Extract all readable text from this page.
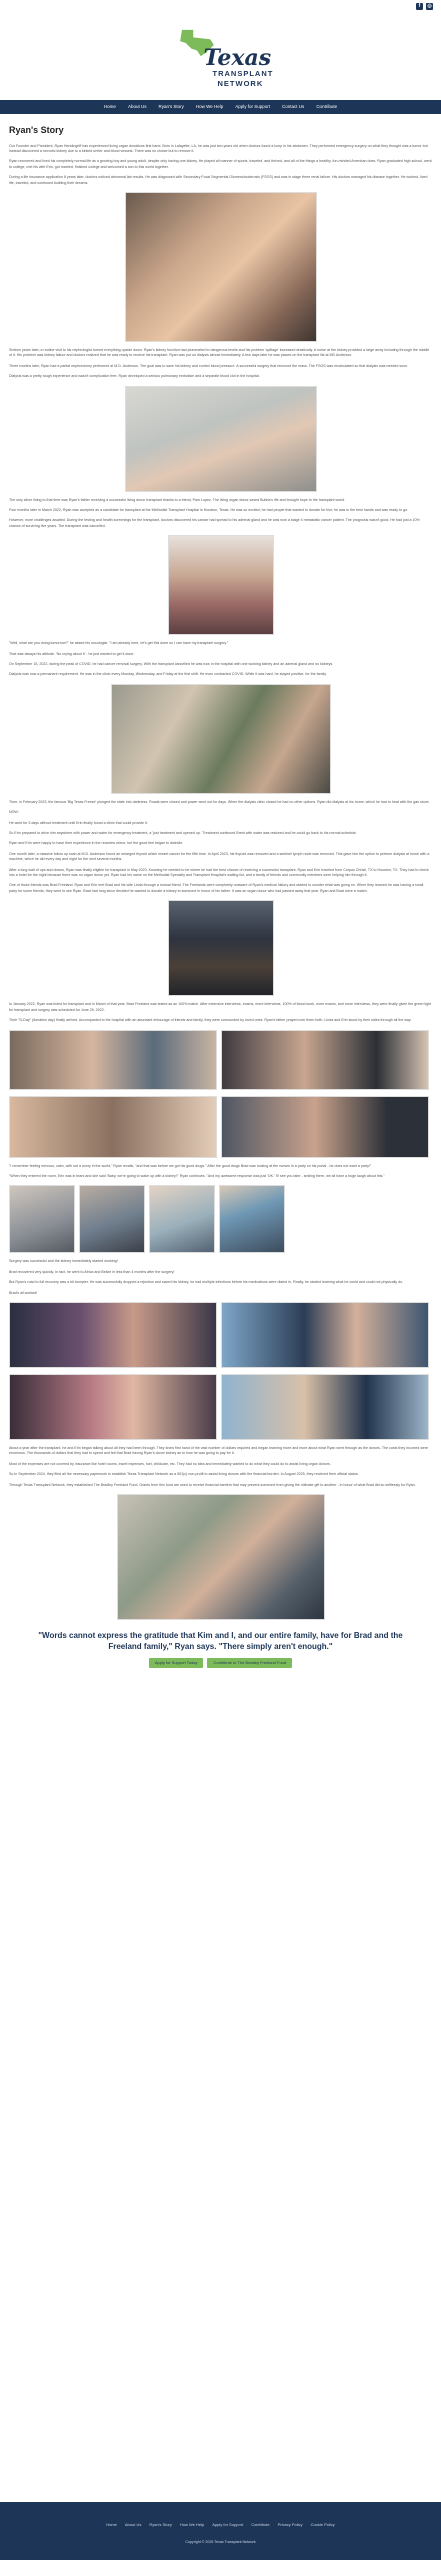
f	◎
Texas
TRANSPLANT
NETWORK
Home	About Us	Ryan's Story	How We Help	Apply for Support	Contact Us	Contribute
Ryan's Story

Our Founder and President, Ryan Hendingriff has experienced living organ donations first hand. Born in Lafayette, LA, he was just two years old when doctors found a lump in his abdomen. They performed emergency surgery on what they thought was a tumor but instead discovered a necrotic kidney due to a kinked ureter and blood vessels. There was no choice but to remove it.

Ryan recovered and lived his completely normal life as a growing boy and young adult, despite only having one kidney. He played all manner of sports, traveled, and thrived, and all of the things a healthy, fun-minded American does. Ryan graduated high school, went to college, met his wife Erin, got married, finished college and welcomed a son to this world together.

During a life insurance application 8 years later, doctors noticed abnormal lab results. He was diagnosed with Secondary Focal Segmental Glomerulosclerosis (FSGS) and was in stage three renal failure. His doctors managed his disease together. He worked, lived life, traveled, and continued building their dreams.

Sixteen years later, a routine visit to his nephrologist turned everything upside down. Ryan's kidney function had plummeted to dangerous levels and his problem 'spillage' increased drastically. A nurse at the kidney provided a large array including through the middle of it. His problem was kidney failure and doctors realized that he was ready to receive his transplant. Ryan was put on dialysis almost immediately. A few days later he was placed on the transplant list at MD Anderson.

Three months later, Ryan had a partial nephrectomy performed at M.D. Anderson. The goal was to save his kidney and control blood pressure. A successful surgery that removed the mass. The FSGS was recalculated so that dialysis was needed soon.

Dialysis was a pretty tough experience and wasn't complication free. Ryan developed a serious pulmonary embolism and a separate blood clot in the hospital.

The only silver lining to that time was Ryan's father receiving a successful living donor transplant thanks to a friend, Pam Lopez. The living organ donor saved Bubba's life and brought hope to the transplant world.

Four months later in March 2022, Ryan was accepted as a candidate for transplant at the Methodist Transplant Hospital in Houston, Texas. He was so excited; he had people that wanted to donate for him; he was in the best hands and was ready to go.

However, more challenges awaited. During the testing and health screenings for the transplant, doctors discovered his cancer had spread to his adrenal gland and he was now a stage 4 metastatic cancer patient. The prognosis wasn't good. He had just a 10% chance of surviving five years. The transplant was cancelled.

"Well, what are you doing tomorrow?" he asked his oncologist. "I am already here, let's get this done so I can have my transplant surgery."

That was always his attitude. 'No crying about it' - he just wanted to get it done.

On September 15, 2022, during the peak of COVID, he had cancer removal surgery. With the transplant cancelled he was now in the hospital with one working kidney and an adrenal gland and no kidneys.

Dialysis was now a permanent requirement. He was in the clinic every Monday, Wednesday, and Friday at the first shift. He even contracted COVID. While it was hard, he stayed positive, for the family.

Then, in February 2023, the famous 'Big Texas Freeze' plunged the state into darkness. Roads were closed and power went out for days. When the dialysis clinic closed he had no other options. Ryan did dialysis at his home, which he had to heat with the gas stove.

NOW:

He went for 3 days without treatment until Erin finally found a clinic that could provide it.

So Erin prepared to drive him anywhere with power and water for emergency treatment, a 'just treatment and opened up.' Treatment continued Brent with water was restored and he could go back to his normal schedule.

Ryan and Erin were happy to have their experience in the rearview mirror, but the good feel began to dwindle.

One month later, a massive follow up scan at M.D. Anderson found an enlarged thyroid which meant cancer for the fifth time. In April 2023, his thyroid was removed and a sentinel lymph node was removed. This gave him the option to perform dialysis at home with a machine, which he did every day and night for the next several months.

After a long wait of ups and downs, Ryan was finally eligible for transplant in May 2023. Knowing he needed to be where he had the best chance of receiving a successful transplant, Ryan and Erin traveled from Corpus Christi, TX to Houston, TX. They had to check into a hotel for the night because there was no organ donor yet. Ryan had his name on the Methodist Specialty and Transplant Hospital's waiting list, and a family of friends and community members were helping him through it.

One of those friends was Brad Freeland. Ryan and Erin met Brad and his wife Linda through a mutual friend. The Freelands were completely unaware of Ryan's medical history and started to wonder what was going on. When they learned he was having a small party for some friends, they went to see Ryan. Brad had long since decided he wanted to donate a kidney to someone in honor of his father. It was an organ donor who had passed away that year. Ryan and Brad were a match.

In January 2022, Ryan was listed for transplant and in March of that year, Brad Freeland was tested as an 100% match. After extensive interviews, exams, more interviews, 100% of blood work, more exams, and more interviews, they were finally given the green light for transplant and surgery was scheduled for June 29, 2022.

Their "D-Day" (donation day) finally arrived. Accompanied to the hospital with an abundant entourage of friends and family, they were surrounded by loved ones. Ryan's father prayed over them both. Linda and Erin stood by their sides through all the way.

"I remember feeling nervous, calm, with not a worry in the world," Ryan recalls, "and that was before we got his good drugs." After the good drugs Brad was looking at the nurses in a party on his portal - he does not want a party!"

"When they entered the room, Erin was in tears and she said 'Baby, we're going to wake up with a kidney!'" Ryan continues. "And my awesome response was just 'OK.' I'll see you later - smiling there, we all have a huge laugh about this."

Surgery was successful and the kidney immediately started working!

Brad recovered very quickly. In fact, he went to Africa and Belize in less than 4 months after the surgery!

But Ryan's road to full recovery was a bit bumpier. He was successfully dropped a rejection and saved his kidney, he had multiple infections before his medications were dialed in. Finally, he started learning what he could and could not physically do.

Brad's all worked!

About a year after the transplant, he and Erin began talking about all they had been through. They knew first hand of the vast number of dollars required and began learning more and more about what Ryan went through as the donors. The costs they incurred were enormous. The thousands of dollars that they had to spend and felt that Brad having Ryan's donor kidney as to how he was going to pay for it.

Most of the expenses are not covered by insurance like hotel rooms, travel expenses, fuel, childcare, etc. They had no idea and immediately wanted to do what they could do to assist living organ donors.

So in September 2024, they filed all the necessary paperwork to establish Texas Transplant Network as a 501(c) non-profit to assist living donors with the financial burden. In August 2025, they received their official status.

Through Texas Transplant Network, they established The Bradley Freeland Fund. Grants from this fund are used to receive financial barriers that may prevent someone from giving the ultimate gift to another - in honor of what Brad did so selflessly for Ryan.

"Words cannot express the gratitude that Kim and I, and our entire family, have for Brad and the Freeland family," Ryan says. "There simply aren't enough."
Apply for Support Today	Contribute to The Bradley Freeland Fund
Home About Us Ryan's Story How We Help Apply for Support Contribute Privacy Policy Cookie Policy
Copyright © 2025 Texas Transplant Network
